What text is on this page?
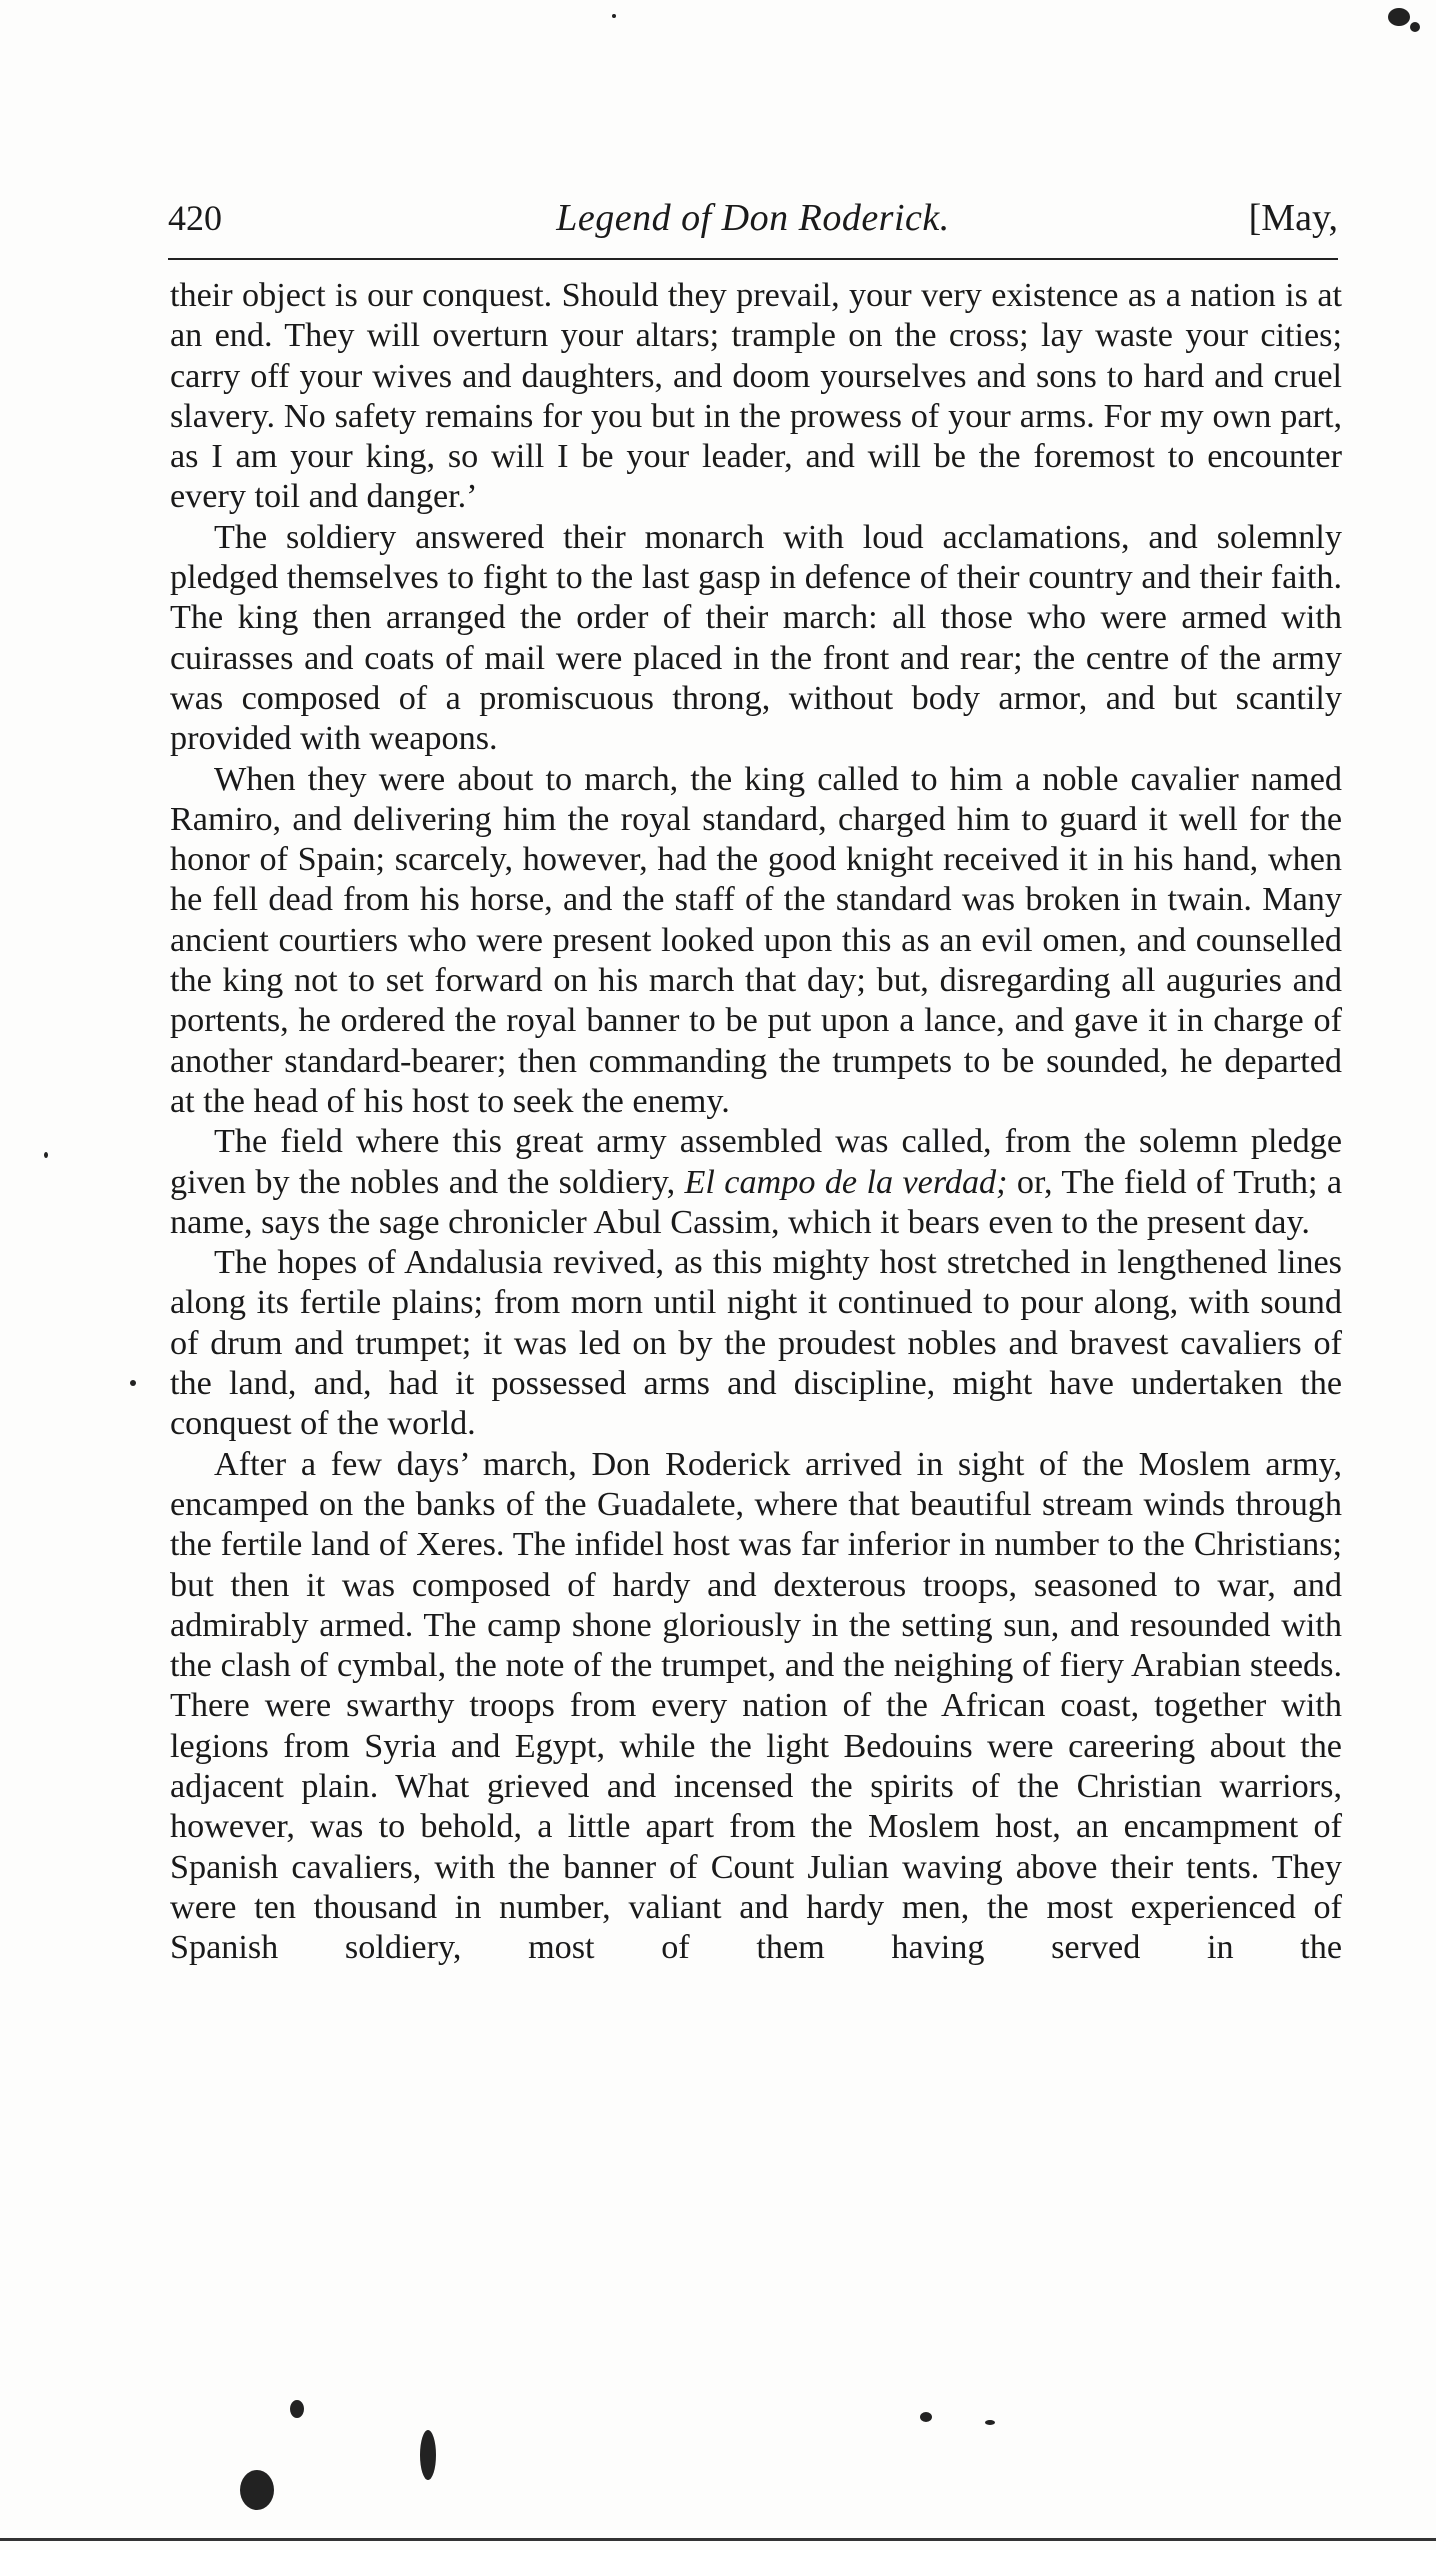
420	Legend of Don Roderick.	[May,

their object is our conquest. Should they prevail, your very existence as a nation is at an end. They will overturn your altars; trample on the cross; lay waste your cities; carry off your wives and daughters, and doom yourselves and sons to hard and cruel slavery. No safety remains for you but in the prowess of your arms. For my own part, as I am your king, so will I be your leader, and will be the foremost to encounter every toil and danger.’

The soldiery answered their monarch with loud acclamations, and solemnly pledged themselves to fight to the last gasp in defence of their country and their faith. The king then arranged the order of their march: all those who were armed with cuirasses and coats of mail were placed in the front and rear; the centre of the army was composed of a promiscuous throng, without body armor, and but scantily provided with weapons.

When they were about to march, the king called to him a noble cavalier named Ramiro, and delivering him the royal standard, charged him to guard it well for the honor of Spain; scarcely, however, had the good knight received it in his hand, when he fell dead from his horse, and the staff of the standard was broken in twain. Many ancient courtiers who were present looked upon this as an evil omen, and counselled the king not to set forward on his march that day; but, disregarding all auguries and portents, he ordered the royal banner to be put upon a lance, and gave it in charge of another standard-bearer; then commanding the trumpets to be sounded, he departed at the head of his host to seek the enemy.

The field where this great army assembled was called, from the solemn pledge given by the nobles and the soldiery, El campo de la verdad; or, The field of Truth; a name, says the sage chronicler Abul Cassim, which it bears even to the present day.

The hopes of Andalusia revived, as this mighty host stretched in lengthened lines along its fertile plains; from morn until night it continued to pour along, with sound of drum and trumpet; it was led on by the proudest nobles and bravest cavaliers of the land, and, had it possessed arms and discipline, might have undertaken the conquest of the world.

After a few days’ march, Don Roderick arrived in sight of the Moslem army, encamped on the banks of the Guadalete, where that beautiful stream winds through the fertile land of Xeres. The infidel host was far inferior in number to the Christians; but then it was composed of hardy and dexterous troops, seasoned to war, and admirably armed. The camp shone gloriously in the setting sun, and resounded with the clash of cymbal, the note of the trumpet, and the neighing of fiery Arabian steeds. There were swarthy troops from every nation of the African coast, together with legions from Syria and Egypt, while the light Bedouins were careering about the adjacent plain. What grieved and incensed the spirits of the Christian warriors, however, was to behold, a little apart from the Moslem host, an encampment of Spanish cavaliers, with the banner of Count Julian waving above their tents. They were ten thousand in number, valiant and hardy men, the most experienced of Spanish soldiery, most of them having served in the
